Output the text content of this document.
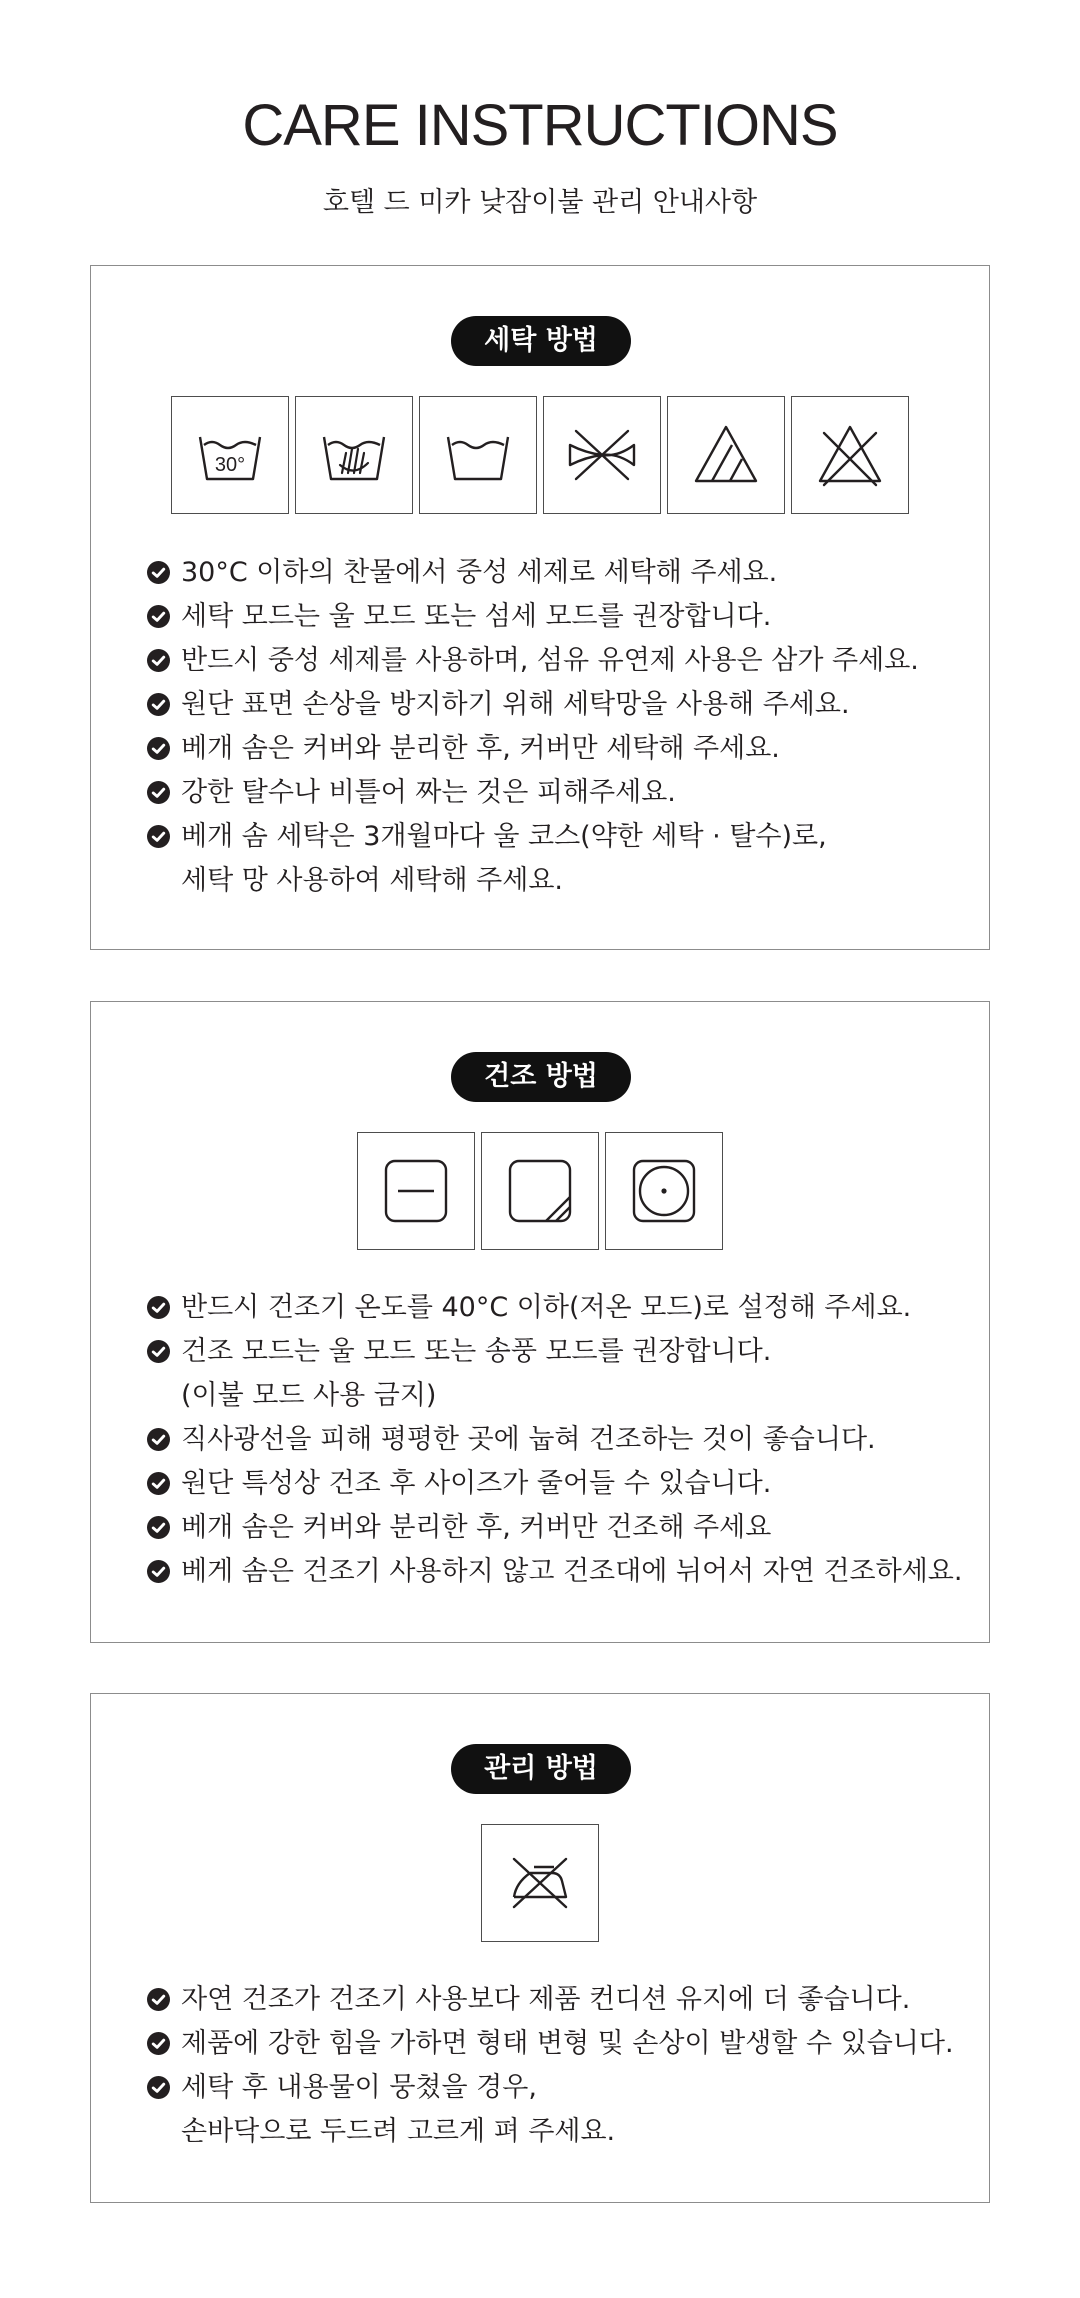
CARE INSTRUCTIONS
호텔 드 미카 낮잠이불 관리 안내사항
세탁 방법
30°
30°C 이하의 찬물에서 중성 세제로 세탁해 주세요.
세탁 모드는 울 모드 또는 섬세 모드를 권장합니다.
반드시 중성 세제를 사용하며, 섬유 유연제 사용은 삼가 주세요.
원단 표면 손상을 방지하기 위해 세탁망을 사용해 주세요.
베개 솜은 커버와 분리한 후, 커버만 세탁해 주세요.
강한 탈수나 비틀어 짜는 것은 피해주세요.
베개 솜 세탁은 3개월마다 울 코스(약한 세탁 · 탈수)로,
세탁 망 사용하여 세탁해 주세요.
건조 방법
반드시 건조기 온도를 40°C 이하(저온 모드)로 설정해 주세요.
건조 모드는 울 모드 또는 송풍 모드를 권장합니다.
(이불 모드 사용 금지)
직사광선을 피해 평평한 곳에 눕혀 건조하는 것이 좋습니다.
원단 특성상 건조 후 사이즈가 줄어들 수 있습니다.
베개 솜은 커버와 분리한 후, 커버만 건조해 주세요
베게 솜은 건조기 사용하지 않고 건조대에 뉘어서 자연 건조하세요.
관리 방법
자연 건조가 건조기 사용보다 제품 컨디션 유지에 더 좋습니다.
제품에 강한 힘을 가하면 형태 변형 및 손상이 발생할 수 있습니다.
세탁 후 내용물이 뭉쳤을 경우,
손바닥으로 두드려 고르게 펴 주세요.
